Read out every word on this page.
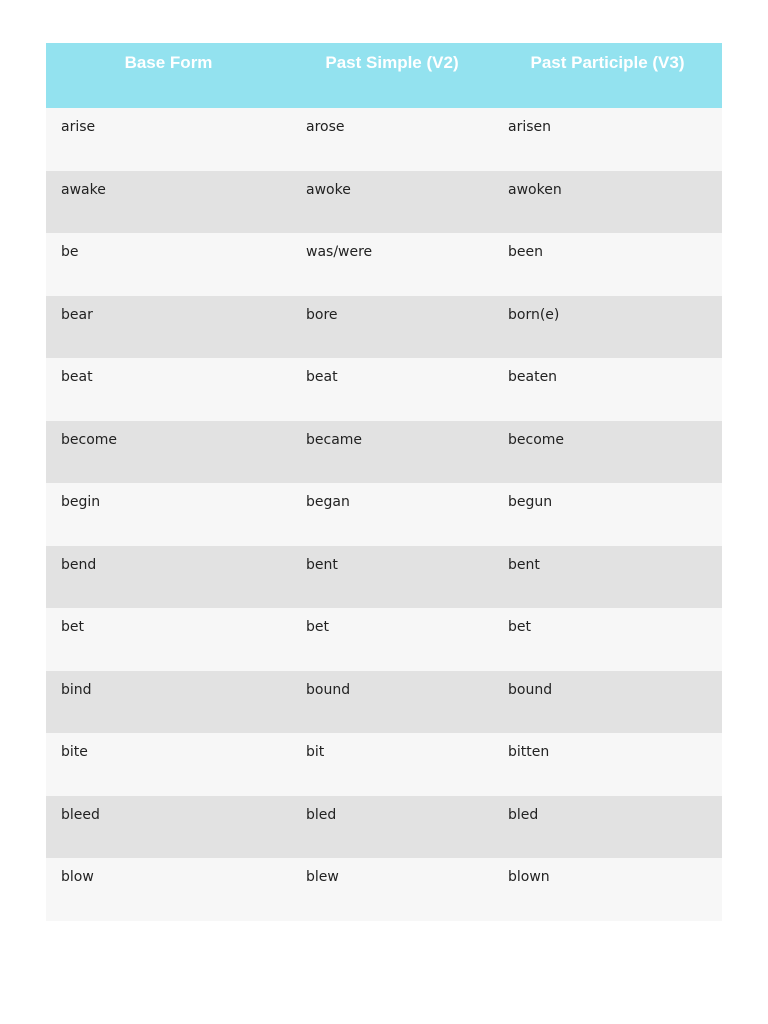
Base Form	Past Simple (V2)	Past Participle (V3)
arise	arose	arisen
awake	awoke	awoken
be	was/were	been
bear	bore	born(e)
beat	beat	beaten
become	became	become
begin	began	begun
bend	bent	bent
bet	bet	bet
bind	bound	bound
bite	bit	bitten
bleed	bled	bled
blow	blew	blown
